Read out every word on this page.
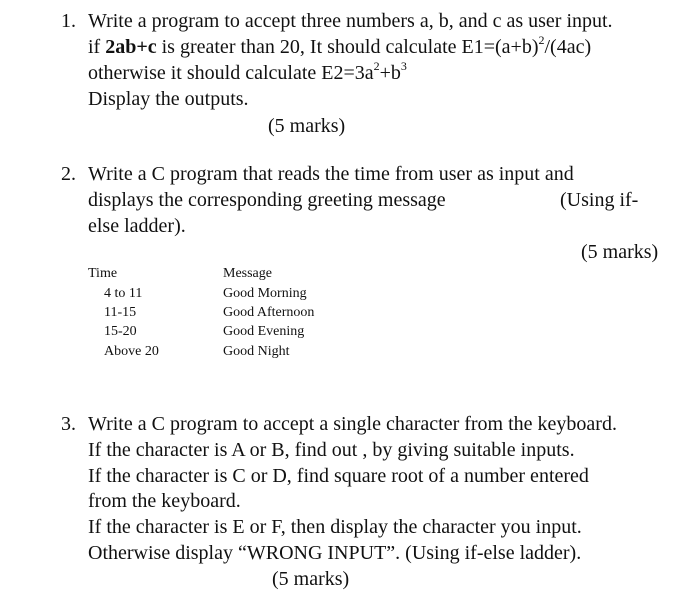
1. Write a program to accept three numbers a, b, and c as user input.
if 2ab+c is greater than 20, It should calculate $E1=(a+b)^2/(4ac)$
otherwise it should calculate $E2=3a^2+b^3$
Display the outputs.
(5 marks)
2. Write a C program that reads the time from user as input and
displays the corresponding greeting message	(Using if-
else ladder).
(5 marks)
Time	Message
4 to 11	Good Morning
11-15	Good Afternoon
15-20	Good Evening
Above 20	Good Night
3. Write a C program to accept a single character from the keyboard.
If the character is A or B, find out , by giving suitable inputs.
If the character is C or D, find square root of a number entered
from the keyboard.
If the character is E or F, then display the character you input.
Otherwise display “WRONG INPUT”. (Using if-else ladder).
(5 marks)
